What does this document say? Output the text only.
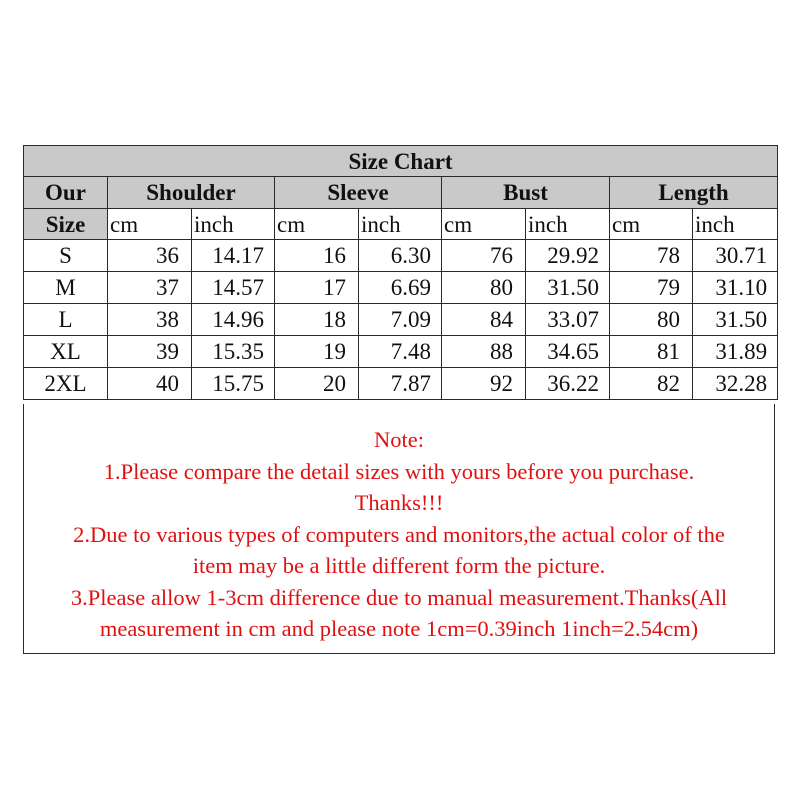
Size Chart								
Our	Shoulder		Sleeve		Bust		Length	
Size	cm	inch	cm	inch	cm	inch	cm	inch
S	36	14.17	16	6.30	76	29.92	78	30.71
M	37	14.57	17	6.69	80	31.50	79	31.10
L	38	14.96	18	7.09	84	33.07	80	31.50
XL	39	15.35	19	7.48	88	34.65	81	31.89
2XL	40	15.75	20	7.87	92	36.22	82	32.28
Note:
1.Please compare the detail sizes with yours before you purchase.
Thanks!!!
2.Due to various types of computers and monitors,the actual color of the
item may be a little different form the picture.
3.Please allow 1-3cm difference due to manual measurement.Thanks(All
measurement in cm and please note 1cm=0.39inch 1inch=2.54cm)
